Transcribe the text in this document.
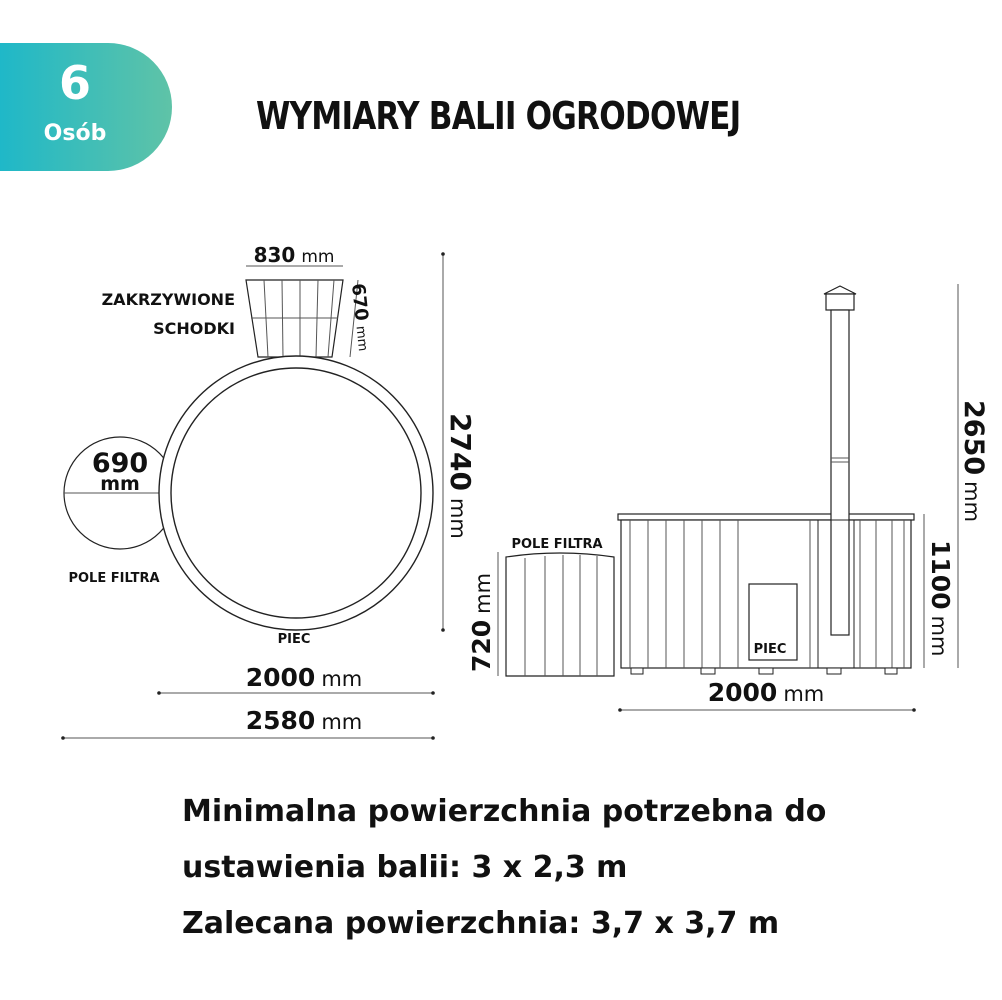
6
Osób	WYMIARY BALII OGRODOWEJ
ZAKRZYWIONE
SCHODKI
830 mm
670mm
690
mm
POLE FILTRA
PIEC
2000 mm
2580 mm
2740mm
POLE FILTRA
720mm
PIEC
1100mm
2650mm
2000 mm
Minimalna powierzchnia potrzebna do
ustawienia balii: 3 x 2,3 m
Zalecana powierzchnia: 3,7 x 3,7 m
